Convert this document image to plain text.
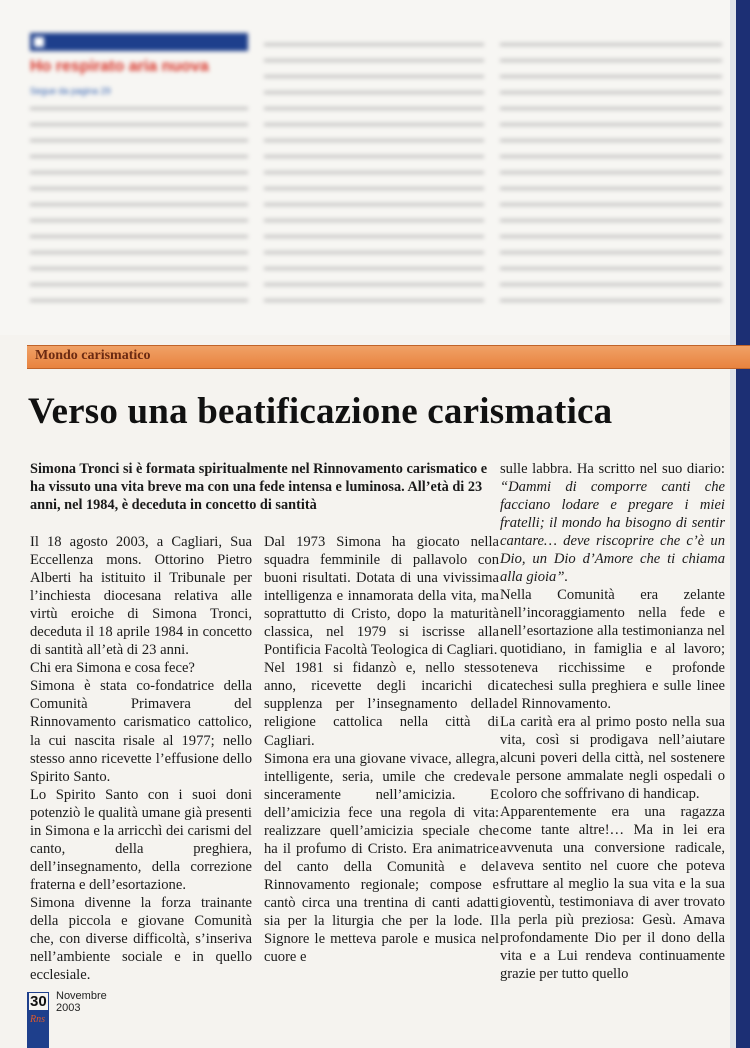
Ho respirato aria nuova
Segue da pagina 29
Mondo carismatico
Verso una beatificazione carismatica
Simona Tronci si è formata spiritualmente nel Rinnovamento carismatico e ha vissuto una vita breve ma con una fede intensa e luminosa. All’età di 23 anni, nel 1984, è deceduta in concetto di santità

Il 18 agosto 2003, a Cagliari, Sua Eccellenza mons. Ottorino Pietro Alberti ha istituito il Tribunale per l’inchiesta diocesana relativa alle virtù eroiche di Simona Tronci, deceduta il 18 aprile 1984 in concetto di santità all’età di 23 anni.

Chi era Simona e cosa fece?

Simona è stata co-fondatrice della Comunità Primavera del Rinnovamento carismatico cattolico, la cui nascita risale al 1977; nello stesso anno ricevette l’effusione dello Spirito Santo.

Lo Spirito Santo con i suoi doni potenziò le qualità umane già presenti in Simona e la arricchì dei carismi del canto, della preghiera, dell’insegnamento, della correzione fraterna e dell’esortazione.

Simona divenne la forza trainante della piccola e giovane Comunità che, con diverse difficoltà, s’inseriva nell’ambiente sociale e in quello ecclesiale.

Dal 1973 Simona ha giocato nella squadra femminile di pallavolo con buoni risultati. Dotata di una vivissima intelligenza e innamorata della vita, ma soprattutto di Cristo, dopo la maturità classica, nel 1979 si iscrisse alla Pontificia Facoltà Teologica di Cagliari.

Nel 1981 si fidanzò e, nello stesso anno, ricevette degli incarichi di supplenza per l’insegnamento della religione cattolica nella città di Cagliari.

Simona era una giovane vivace, allegra, intelligente, seria, umile che credeva sinceramente nell’amicizia. E dell’amicizia fece una regola di vita: realizzare quell’amicizia speciale che ha il profumo di Cristo. Era animatrice del canto della Comunità e del Rinnovamento regionale; compose e cantò circa una trentina di canti adatti sia per la liturgia che per la lode. Il Signore le metteva parole e musica nel cuore e

sulle labbra. Ha scritto nel suo diario: “Dammi di comporre canti che facciano lodare e pregare i miei fratelli; il mondo ha bisogno di sentir cantare… deve riscoprire che c’è un Dio, un Dio d’Amore che ti chiama alla gioia”.

Nella Comunità era zelante nell’incoraggiamento nella fede e nell’esortazione alla testimonianza nel quotidiano, in famiglia e al lavoro; teneva ricchissime e profonde catechesi sulla preghiera e sulle linee del Rinnovamento.

La carità era al primo posto nella sua vita, così si prodigava nell’aiutare alcuni poveri della città, nel sostenere le persone ammalate negli ospedali o coloro che soffrivano di handicap.

Apparentemente era una ragazza come tante altre!… Ma in lei era avvenuta una conversione radicale, aveva sentito nel cuore che poteva sfruttare al meglio la sua vita e la sua gioventù, testimoniava di aver trovato la perla più preziosa: Gesù. Amava profondamente Dio per il dono della vita e a Lui rendeva continuamente grazie per tutto quello

30
Rns
Novembre
2003
